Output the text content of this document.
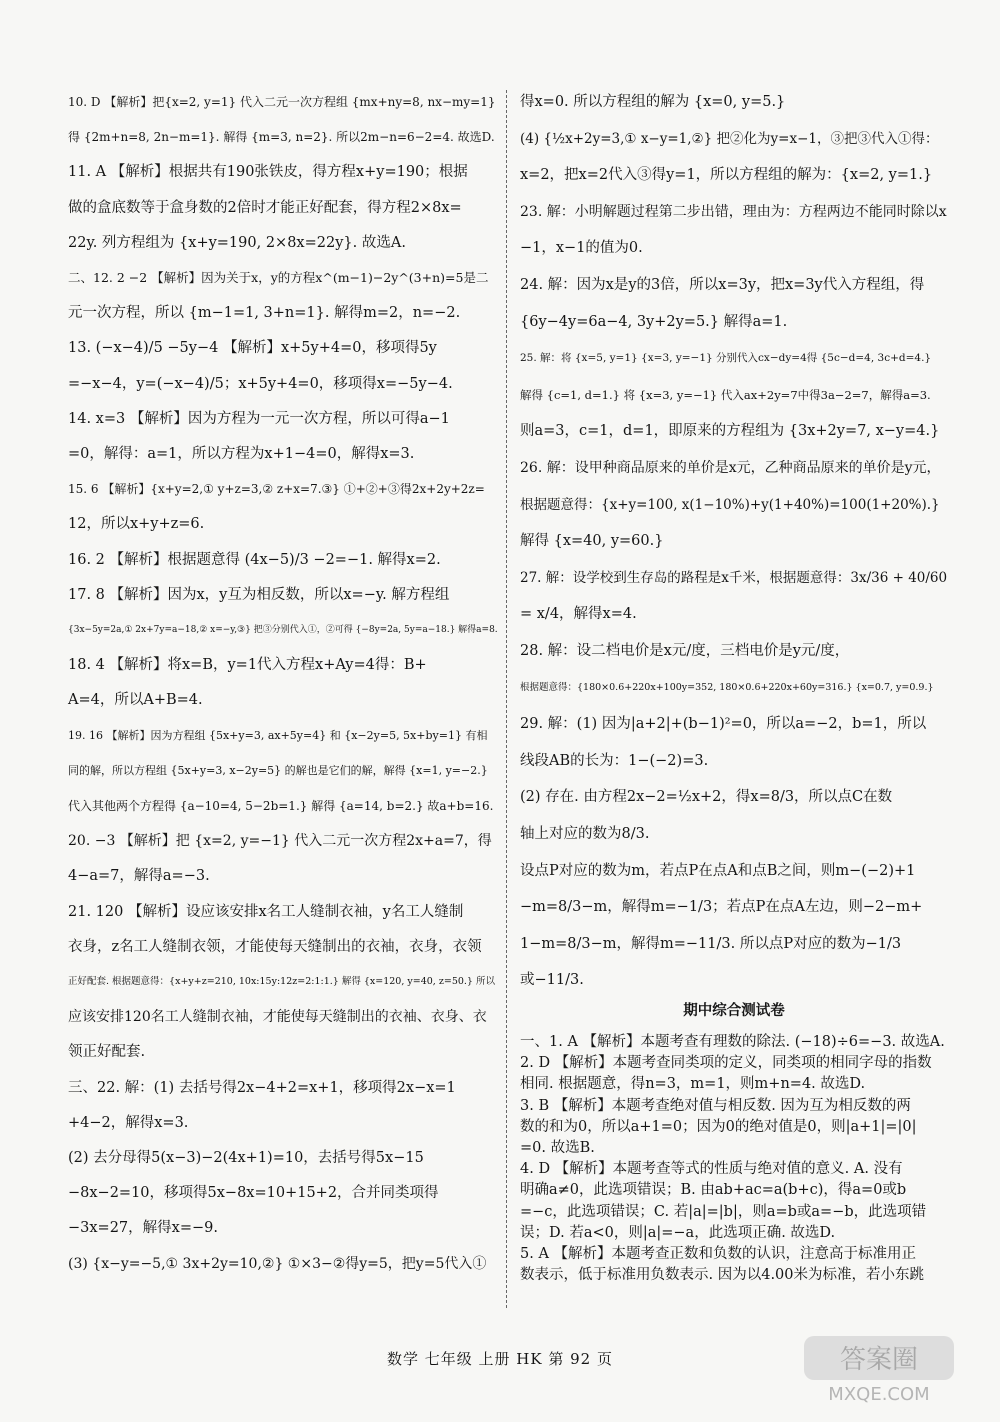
10. D 【解析】把{x=2, y=1} 代入二元一次方程组 {mx+ny=8, nx−my=1}
得 {2m+n=8, 2n−m=1}. 解得 {m=3, n=2}. 所以2m−n=6−2=4. 故选D.
11. A 【解析】根据共有190张铁皮，得方程x+y=190；根据
做的盒底数等于盒身数的2倍时才能正好配套，得方程2×8x=
22y. 列方程组为 {x+y=190, 2×8x=22y}. 故选A.
二、12. 2 −2 【解析】因为关于x，y的方程x^(m−1)−2y^(3+n)=5是二
元一次方程，所以 {m−1=1, 3+n=1}. 解得m=2，n=−2.
13. (−x−4)/5 −5y−4 【解析】x+5y+4=0，移项得5y
=−x−4，y=(−x−4)/5；x+5y+4=0，移项得x=−5y−4.
14. x=3 【解析】因为方程为一元一次方程，所以可得a−1
=0，解得：a=1，所以方程为x+1−4=0，解得x=3.
15. 6 【解析】{x+y=2,① y+z=3,② z+x=7.③} ①+②+③得2x+2y+2z=
12，所以x+y+z=6.
16. 2 【解析】根据题意得 (4x−5)/3 −2=−1. 解得x=2.
17. 8 【解析】因为x，y互为相反数，所以x=−y. 解方程组
{3x−5y=2a,① 2x+7y=a−18,② x=−y,③} 把③分别代入①，②可得 {−8y=2a, 5y=a−18.} 解得a=8.
18. 4 【解析】将x=B，y=1代入方程x+Ay=4得：B+
A=4，所以A+B=4.
19. 16 【解析】因为方程组 {5x+y=3, ax+5y=4} 和 {x−2y=5, 5x+by=1} 有相
同的解，所以方程组 {5x+y=3, x−2y=5} 的解也是它们的解，解得 {x=1, y=−2.}
代入其他两个方程得 {a−10=4, 5−2b=1.} 解得 {a=14, b=2.} 故a+b=16.
20. −3 【解析】把 {x=2, y=−1} 代入二元一次方程2x+a=7，得
4−a=7，解得a=−3.
21. 120 【解析】设应该安排x名工人缝制衣袖，y名工人缝制
衣身，z名工人缝制衣领，才能使每天缝制出的衣袖，衣身，衣领
正好配套. 根据题意得：{x+y+z=210, 10x:15y:12z=2:1:1.} 解得 {x=120, y=40, z=50.} 所以
应该安排120名工人缝制衣袖，才能使每天缝制出的衣袖、衣身、衣
领正好配套.
三、22. 解：(1) 去括号得2x−4+2=x+1，移项得2x−x=1
+4−2，解得x=3.
(2) 去分母得5(x−3)−2(4x+1)=10，去括号得5x−15
−8x−2=10，移项得5x−8x=10+15+2，合并同类项得
−3x=27，解得x=−9.
(3) {x−y=−5,① 3x+2y=10,②} ①×3−②得y=5，把y=5代入①
期中综合测试卷
得x=0. 所以方程组的解为 {x=0, y=5.}
(4) {½x+2y=3,① x−y=1,②} 把②化为y=x−1，③把③代入①得：
x=2，把x=2代入③得y=1，所以方程组的解为：{x=2, y=1.}
23. 解：小明解题过程第二步出错，理由为：方程两边不能同时除以x
−1，x−1的值为0.
24. 解：因为x是y的3倍，所以x=3y，把x=3y代入方程组，得
{6y−4y=6a−4, 3y+2y=5.} 解得a=1.
25. 解：将 {x=5, y=1} {x=3, y=−1} 分别代入cx−dy=4得 {5c−d=4, 3c+d=4.}
解得 {c=1, d=1.} 将 {x=3, y=−1} 代入ax+2y=7中得3a−2=7，解得a=3.
则a=3，c=1，d=1，即原来的方程组为 {3x+2y=7, x−y=4.}
26. 解：设甲种商品原来的单价是x元，乙种商品原来的单价是y元，
根据题意得：{x+y=100, x(1−10%)+y(1+40%)=100(1+20%).}
解得 {x=40, y=60.}
27. 解：设学校到生存岛的路程是x千米，根据题意得：3x/36 + 40/60
= x/4，解得x=4.
28. 解：设二档电价是x元/度，三档电价是y元/度，
根据题意得：{180×0.6+220x+100y=352, 180×0.6+220x+60y=316.} {x=0.7, y=0.9.}
29. 解：(1) 因为|a+2|+(b−1)²=0，所以a=−2，b=1，所以
线段AB的长为：1−(−2)=3.
(2) 存在. 由方程2x−2=½x+2，得x=8/3，所以点C在数
轴上对应的数为8/3.
设点P对应的数为m，若点P在点A和点B之间，则m−(−2)+1
−m=8/3−m，解得m=−1/3；若点P在点A左边，则−2−m+
1−m=8/3−m，解得m=−11/3. 所以点P对应的数为−1/3
或−11/3.
一、1. A 【解析】本题考查有理数的除法. (−18)÷6=−3. 故选A.
2. D 【解析】本题考查同类项的定义，同类项的相同字母的指数
相同. 根据题意，得n=3，m=1，则m+n=4. 故选D.
3. B 【解析】本题考查绝对值与相反数. 因为互为相反数的两
数的和为0，所以a+1=0；因为0的绝对值是0，则|a+1|=|0|
=0. 故选B.
4. D 【解析】本题考查等式的性质与绝对值的意义. A. 没有
明确a≠0，此选项错误；B. 由ab+ac=a(b+c)，得a=0或b
=−c，此选项错误；C. 若|a|=|b|，则a=b或a=−b，此选项错
误；D. 若a<0，则|a|=−a，此选项正确. 故选D.
5. A 【解析】本题考查正数和负数的认识，注意高于标准用正
数表示，低于标准用负数表示. 因为以4.00米为标准，若小东跳
数学 七年级 上册 HK 第 92 页	答案圈
MXQE.COM
